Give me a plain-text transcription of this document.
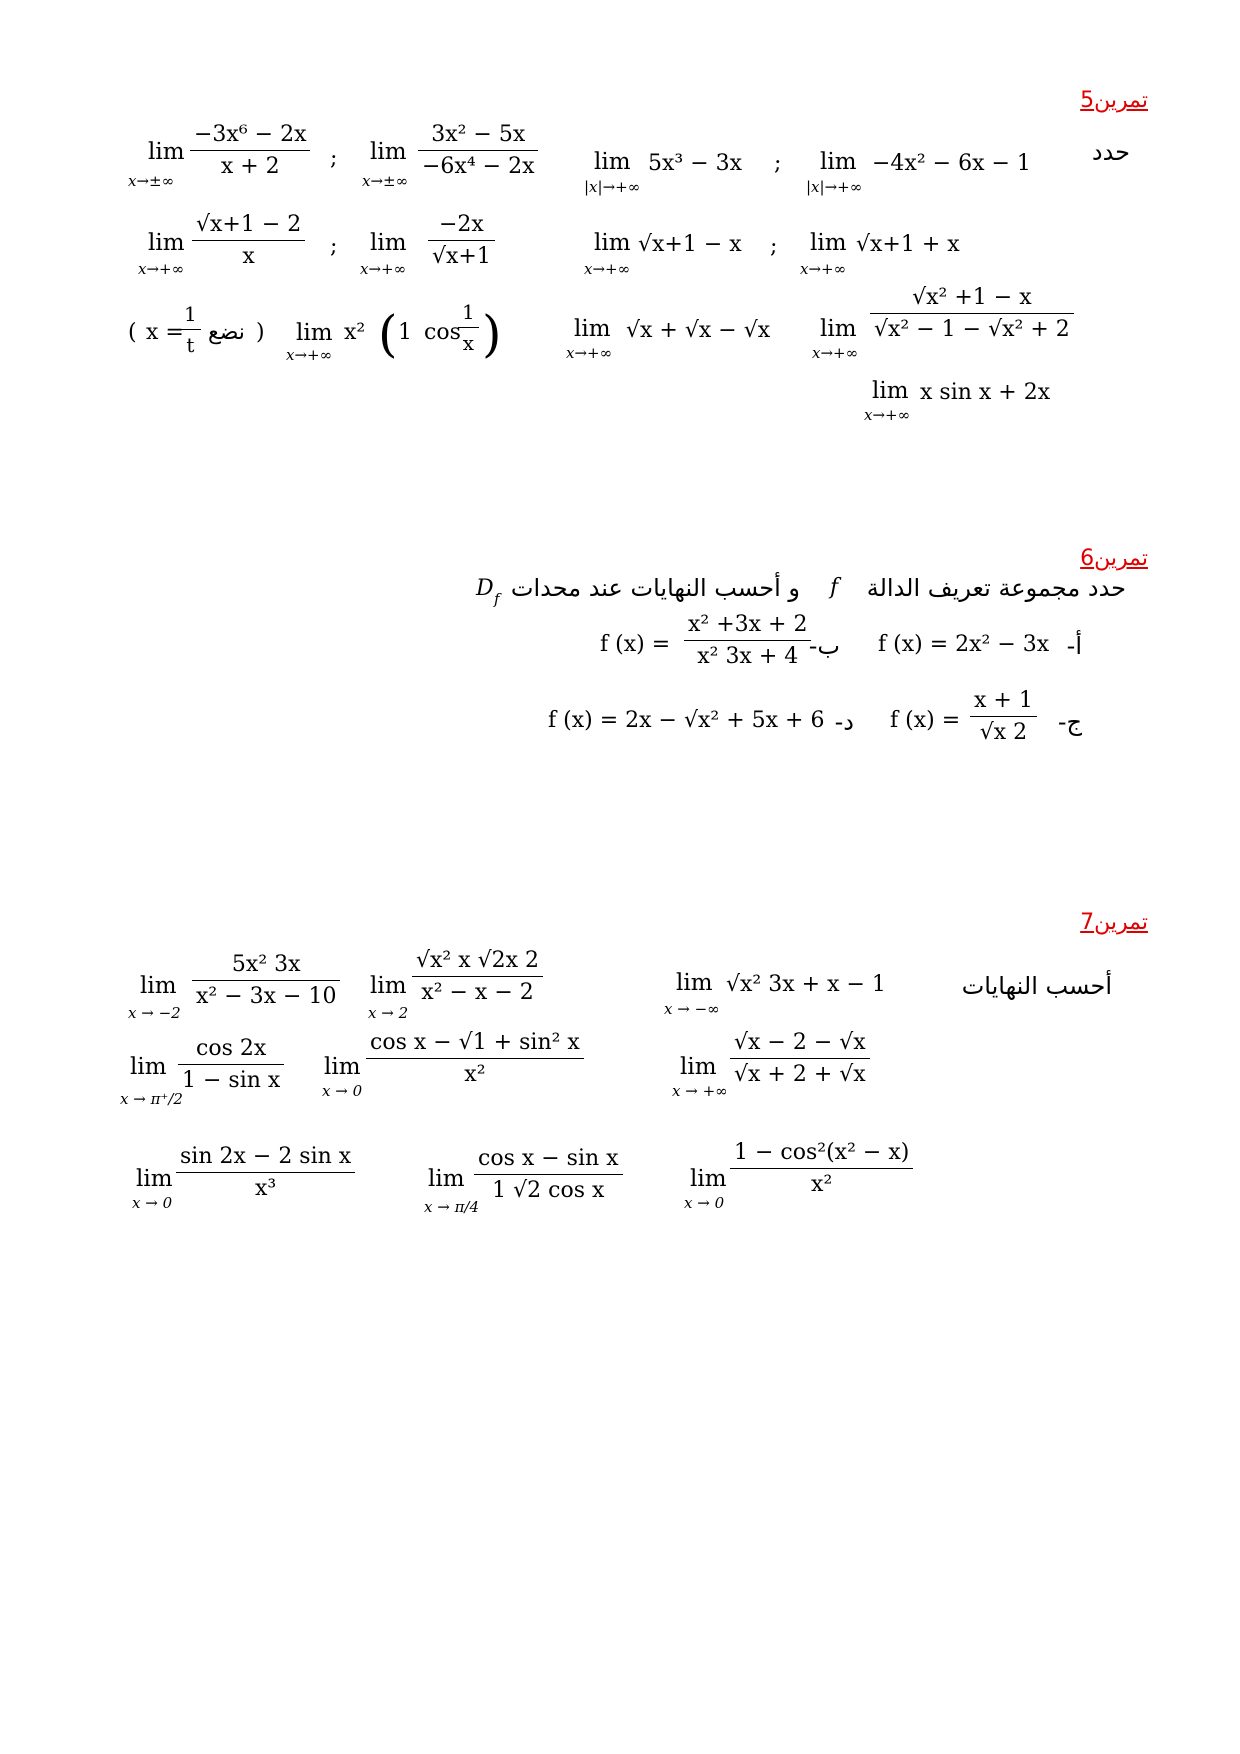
تمرين5
حدد
lim
x→±∞
−3x⁶ − 2x
x + 2 ; lim
x→±∞
3x² − 5x
−6x⁴ − 2x	lim
|x|→+∞
5x³ − 3x ; lim
|x|→+∞
−4x² − 6x − 1
lim
x→+∞
√x+1 − 2
x	; lim
x→+∞
−2x
√x+1
lim
x→+∞
√x+1 − x ; lim
x→+∞
√x+1 + x
( x =
1
t نضع ) lim
x→+∞
x² ( 1 cos
1
x )	lim
x→+∞
√x + √x − √x lim
x→+∞
√x² +1 − x
√x² − 1 − √x² + 2
lim
x→+∞
x sin x + 2x
تمرين6
حدد مجموعة تعريف الدالة
f
و أحسب النهايات عند محدات
D f
أ-
f (x) = 2x² − 3x
ب-
f (x) =
x² +3x + 2
x² 3x + 4
ج-
f (x) =
x + 1
√x 2
د-
f (x) = 2x − √x² + 5x + 6
تمرين7
أحسب النهايات
lim
x → −2
5x² 3x
x² − 3x − 10 lim
x → 2
√x² x √2x 2
x² − x − 2	lim
x → −∞
√x² 3x + x − 1
lim
x → π⁺/2
cos 2x
1 − sin x
lim
x → 0
cos x − √1 + sin² x
x²	lim
x → +∞
√x − 2 − √x
√x + 2 + √x
lim
x → 0
sin 2x − 2 sin x
x³	lim
x → π/4
cos x − sin x
1 √2 cos x	lim
x → 0
1 − cos²(x² − x)
x²
